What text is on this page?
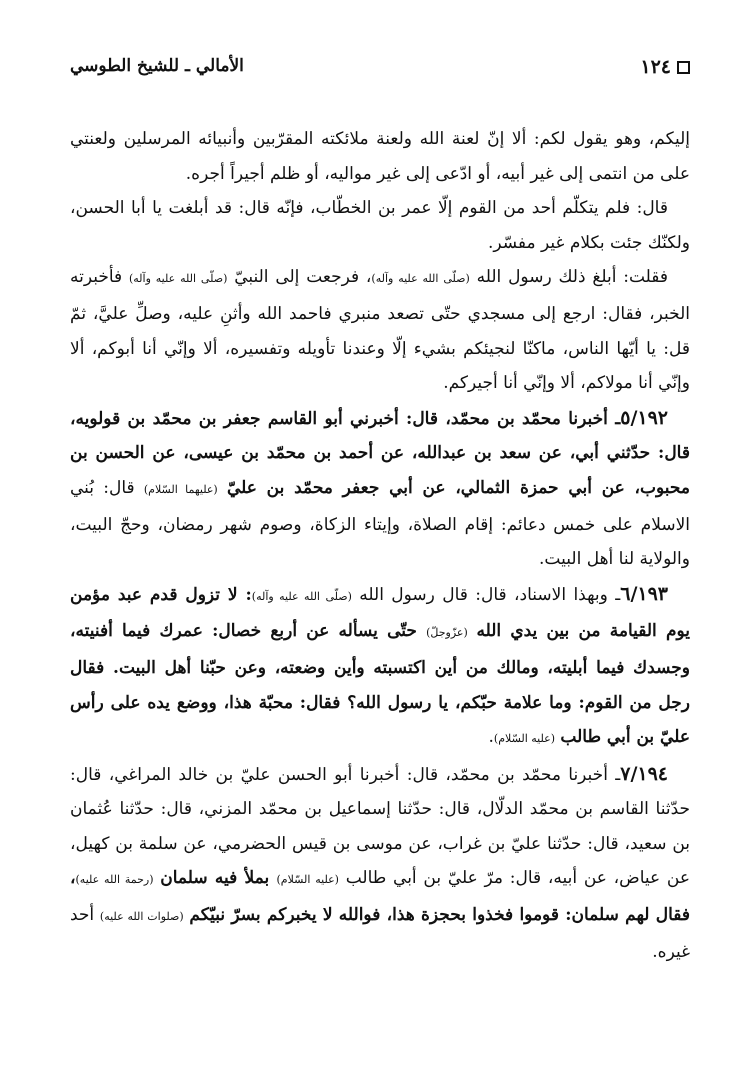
١٢٤
الأمالي ـ للشيخ الطوسي

إليكم، وهو يقول لكم: ألا إنّ لعنة الله ولعنة ملائكته المقرّبين وأنبيائه المرسلين ولعنتي على من انتمى إلى غير أبيه، أو ادّعى إلى غير مواليه، أو ظلم أجيراً أجره.

قال: فلم يتكلّم أحد من القوم إلّا عمر بن الخطّاب، فإنّه قال: قد أبلغت يا أبا الحسن، ولكنّك جئت بكلام غير مفسّر.

فقلت: أبلغ ذلك رسول الله (صلّى الله عليه وآله)، فرجعت إلى النبيّ (صلّى الله عليه وآله) فأخبرته الخبر، فقال: ارجع إلى مسجدي حتّى تصعد منبري فاحمد الله وأثنِ عليه، وصلِّ عليَّ، ثمّ قل: يا أيّها الناس، ماكنّا لنجيئكم بشيء إلّا وعندنا تأويله وتفسيره، ألا وإنّي أنا أبوكم، ألا وإنّي أنا مولاكم، ألا وإنّي أنا أجيركم.

٥/١٩٢ـ أخبرنا محمّد بن محمّد، قال: أخبرني أبو القاسم جعفر بن محمّد بن قولويه، قال: حدّثني أبي، عن سعد بن عبدالله، عن أحمد بن محمّد بن عيسى، عن الحسن بن محبوب، عن أبي حمزة الثمالي، عن أبي جعفر محمّد بن عليّ (عليهما السّلام) قال: بُني الاسلام على خمس دعائم: إقام الصلاة، وإيتاء الزكاة، وصوم شهر رمضان، وحجّ البيت، والولاية لنا أهل البيت.

٦/١٩٣ـ وبهذا الاسناد، قال: قال رسول الله (صلّى الله عليه وآله): لا تزول قدم عبد مؤمن يوم القيامة من بين يدي الله (عزّوجلّ) حتّى يسأله عن أربع خصال: عمرك فيما أفنيته، وجسدك فيما أبليته، ومالك من أين اكتسبته وأين وضعته، وعن حبّنا أهل البيت. فقال رجل من القوم: وما علامة حبّكم، يا رسول الله؟ فقال: محبّة هذا، ووضع يده على رأس عليّ بن أبي طالب (عليه السّلام).

٧/١٩٤ـ أخبرنا محمّد بن محمّد، قال: أخبرنا أبو الحسن عليّ بن خالد المراغي، قال: حدّثنا القاسم بن محمّد الدلّال، قال: حدّثنا إسماعيل بن محمّد المزني، قال: حدّثنا عُثمان بن سعيد، قال: حدّثنا عليّ بن غراب، عن موسى بن قيس الحضرمي، عن سلمة بن كهيل، عن عياض، عن أبيه، قال: مرّ عليّ بن أبي طالب (عليه السّلام) بملأ فيه سلمان (رحمة الله عليه)، فقال لهم سلمان: قوموا فخذوا بحجزة هذا، فوالله لا يخبركم بسرّ نبيّكم (صلوات الله عليه) أحد غيره.
